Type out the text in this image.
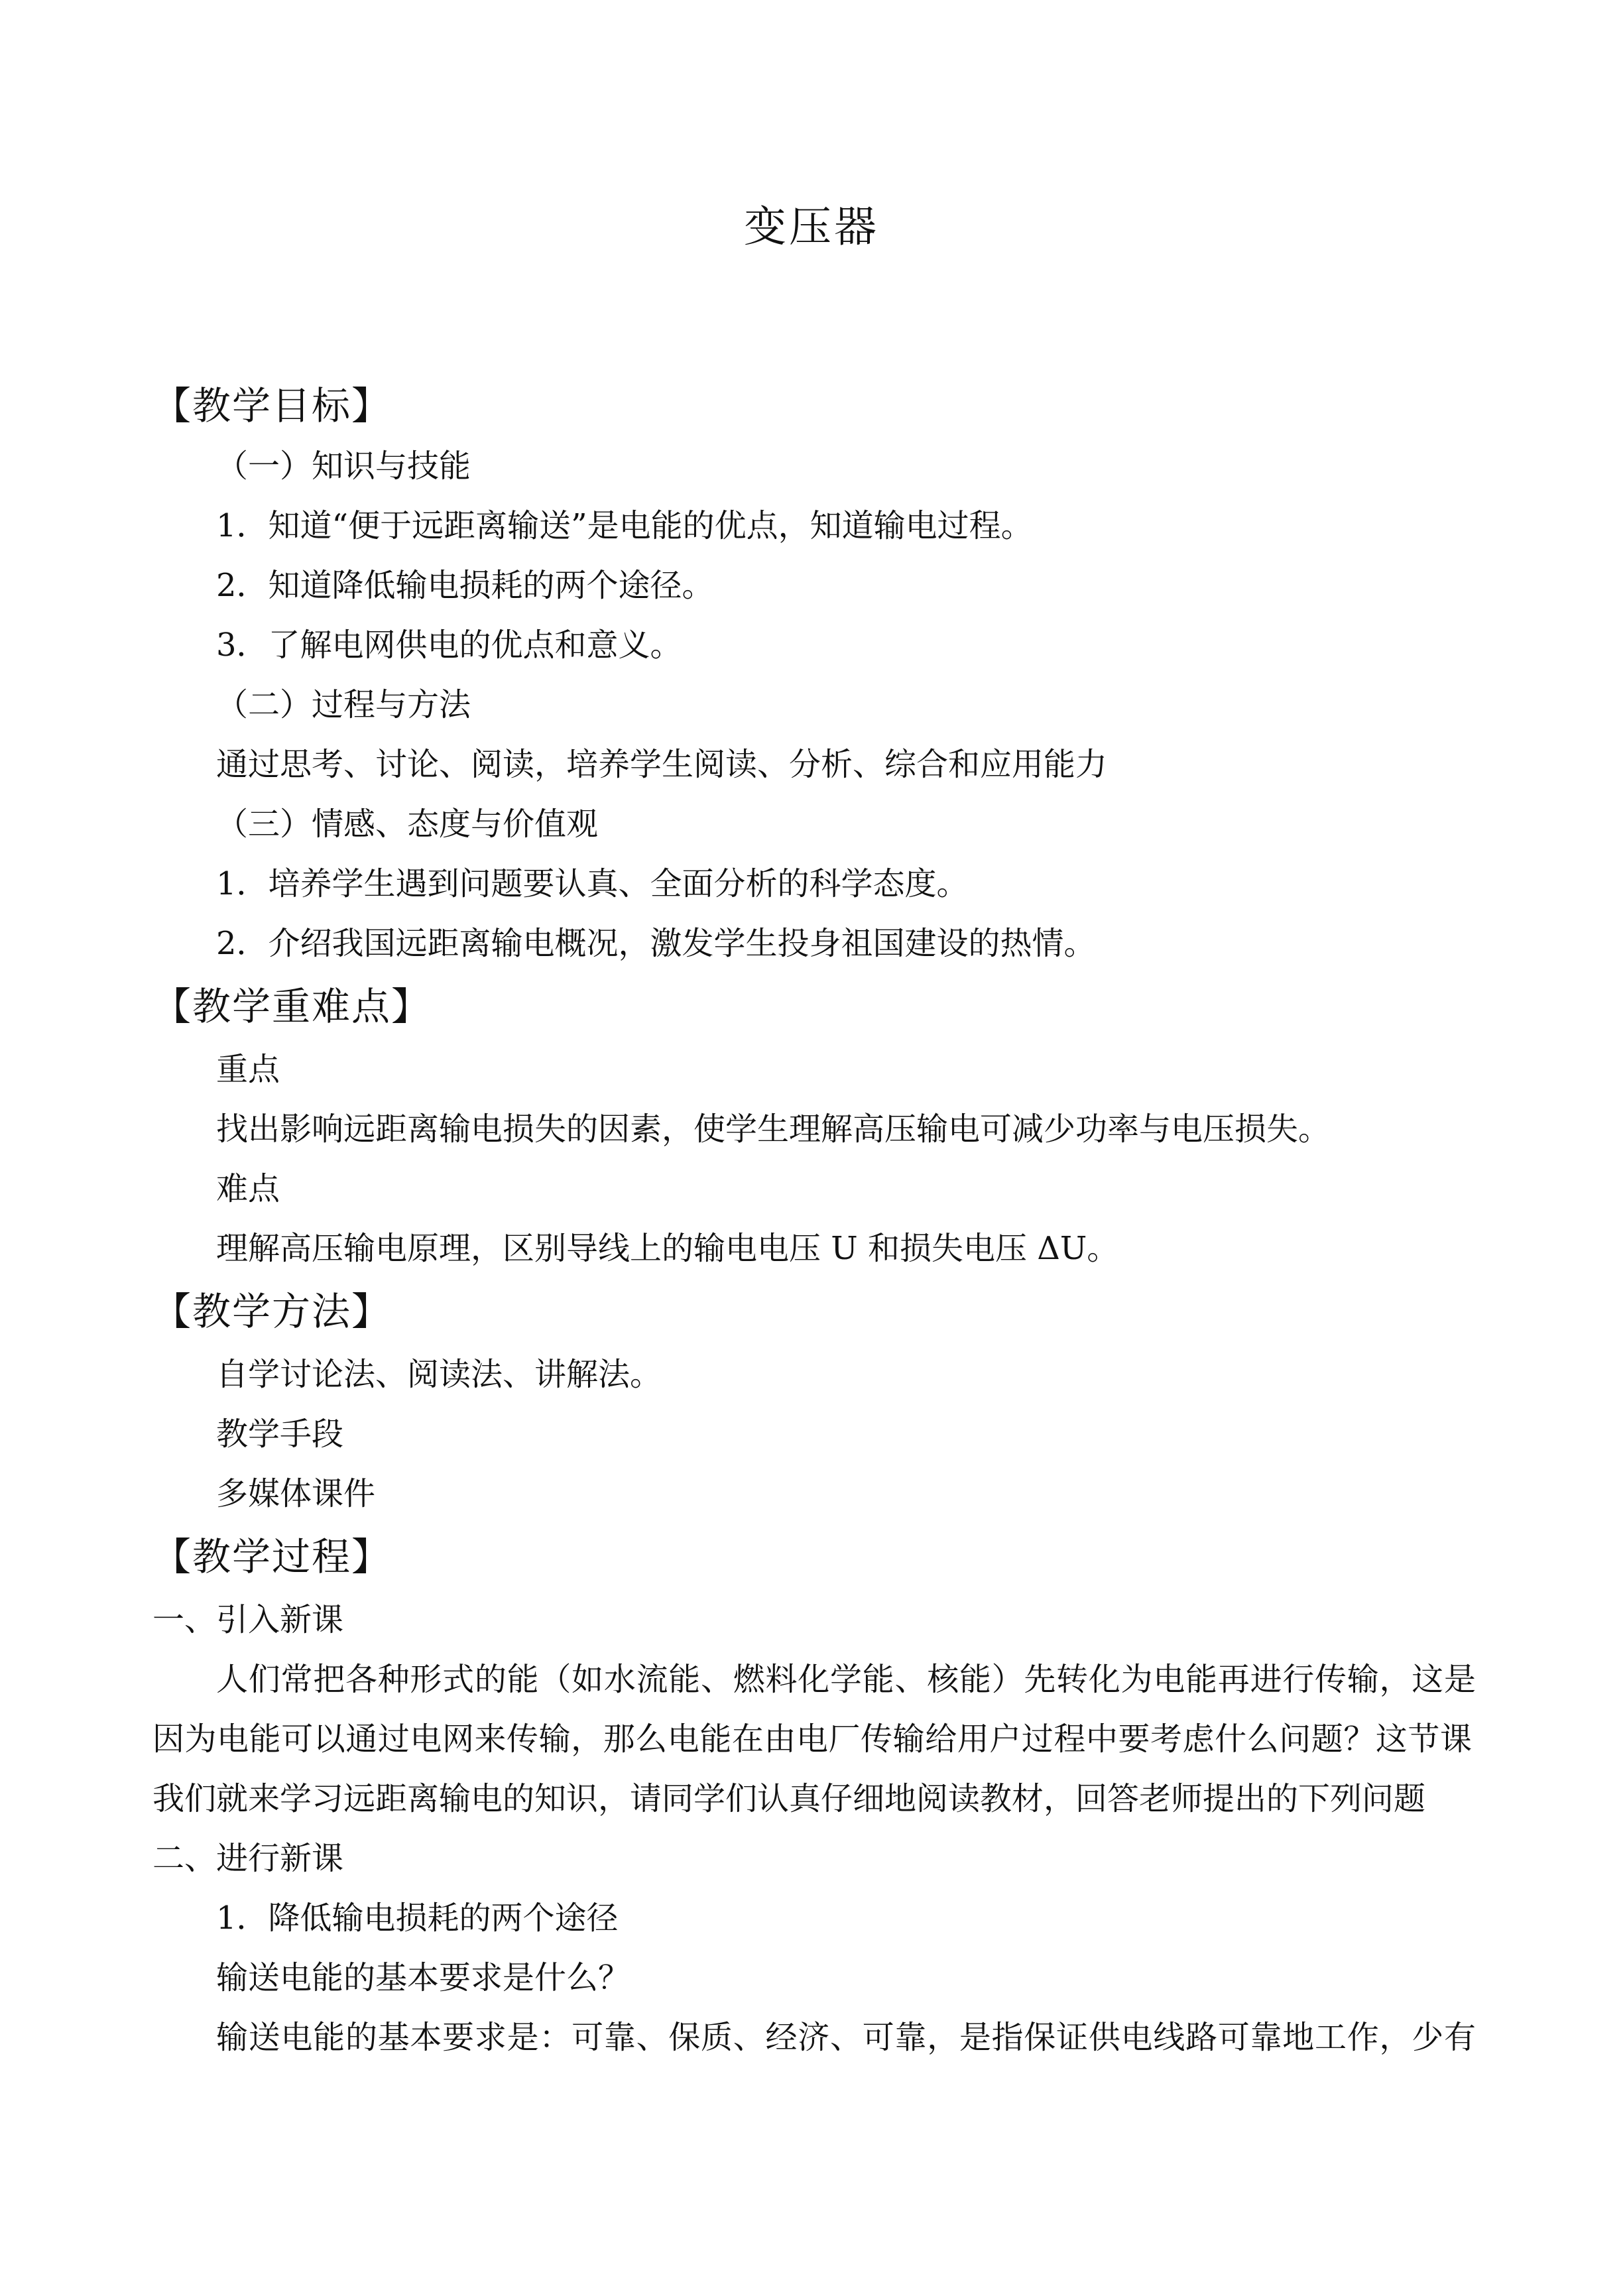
变压器
【教学目标】
（一）知识与技能
1．知道“便于远距离输送”是电能的优点，知道输电过程。
2．知道降低输电损耗的两个途径。
3．了解电网供电的优点和意义。
（二）过程与方法
通过思考、讨论、阅读，培养学生阅读、分析、综合和应用能力
（三）情感、态度与价值观
1．培养学生遇到问题要认真、全面分析的科学态度。
2．介绍我国远距离输电概况，激发学生投身祖国建设的热情。
【教学重难点】
重点
找出影响远距离输电损失的因素，使学生理解高压输电可减少功率与电压损失。
难点
理解高压输电原理，区别导线上的输电电压 U 和损失电压 ΔU。
【教学方法】
自学讨论法、阅读法、讲解法。
教学手段
多媒体课件
【教学过程】
一、引入新课
人们常把各种形式的能（如水流能、燃料化学能、核能）先转化为电能再进行传输，这是
因为电能可以通过电网来传输，那么电能在由电厂传输给用户过程中要考虑什么问题？这节课
我们就来学习远距离输电的知识，请同学们认真仔细地阅读教材，回答老师提出的下列问题
二、进行新课
1．降低输电损耗的两个途径
输送电能的基本要求是什么？
输送电能的基本要求是：可靠、保质、经济、可靠，是指保证供电线路可靠地工作，少有
